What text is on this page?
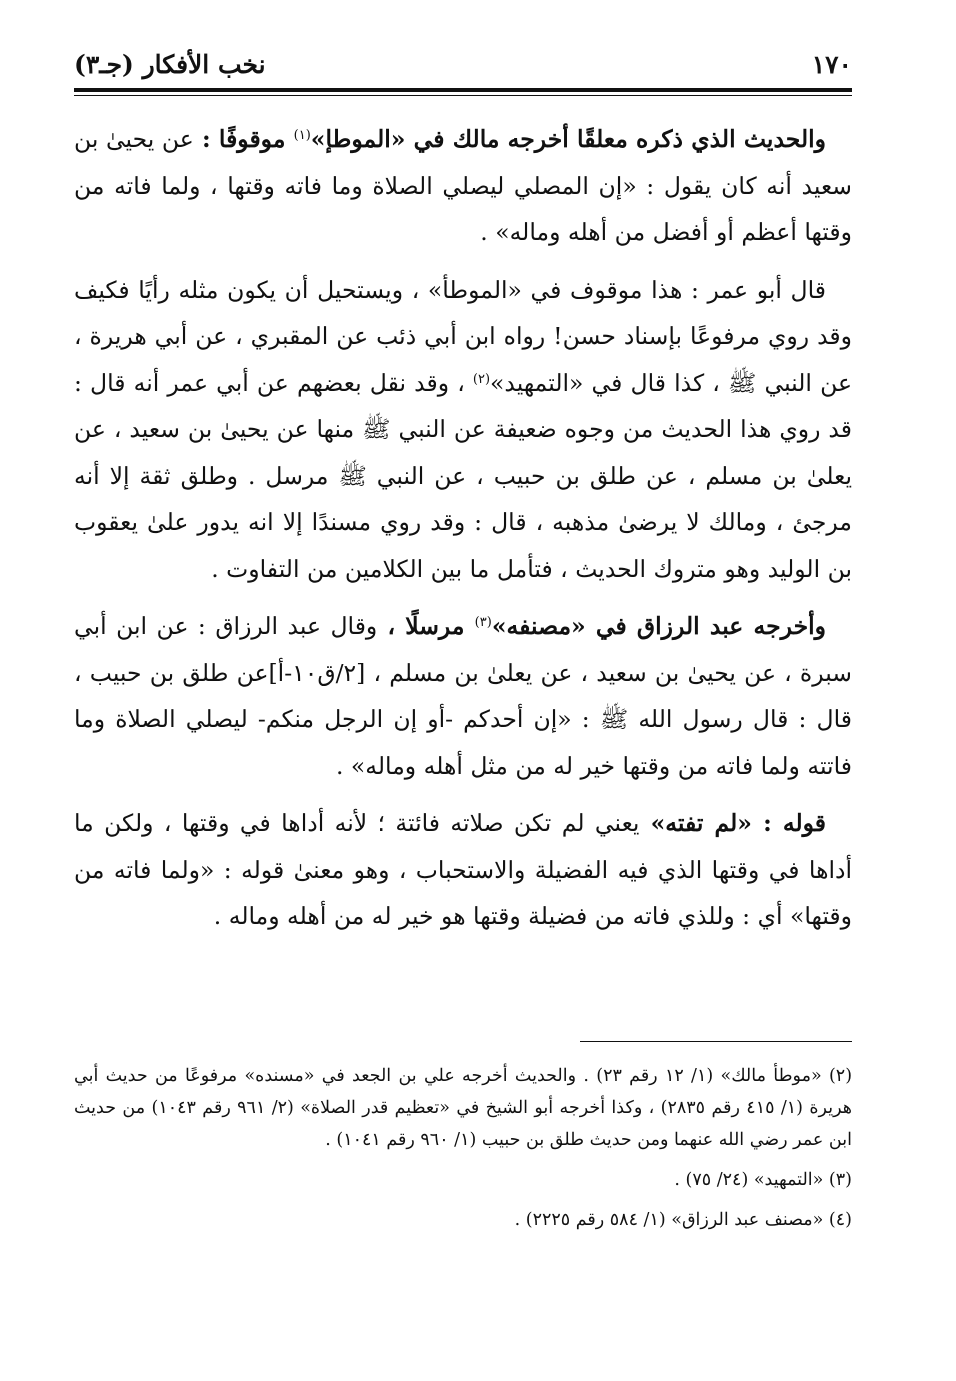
١٧٠
نخب الأفكار (جـ٣)

والحديث الذي ذكره معلقًا أخرجه مالك في «الموطإ»$^{(١)}$ موقوفًا : عن يحيىٰ بن سعيد أنه كان يقول : «إن المصلي ليصلي الصلاة وما فاته وقتها ، ولما فاته من وقتها أعظم أو أفضل من أهله وماله» .

قال أبو عمر : هذا موقوف في «الموطأ» ، ويستحيل أن يكون مثله رأيًا فكيف وقد روي مرفوعًا بإسناد حسن! رواه ابن أبي ذئب عن المقبري ، عن أبي هريرة ، عن النبي ﷺ ، كذا قال في «التمهيد»$^{(٢)}$ ، وقد نقل بعضهم عن أبي عمر أنه قال : قد روي هذا الحديث من وجوه ضعيفة عن النبي ﷺ منها عن يحيىٰ بن سعيد ، عن يعلىٰ بن مسلم ، عن طلق بن حبيب ، عن النبي ﷺ مرسل . وطلق ثقة إلا أنه مرجئ ، ومالك لا يرضىٰ مذهبه ، قال : وقد روي مسندًا إلا انه يدور علىٰ يعقوب بن الوليد وهو متروك الحديث ، فتأمل ما بين الكلامين من التفاوت .

وأخرجه عبد الرزاق في «مصنفه»$^{(٣)}$ مرسلًا ، وقال عبد الرزاق : عن ابن أبي سبرة ، عن يحيىٰ بن سعيد ، عن يعلىٰ بن مسلم ، [٢/ق١٠-أ]عن طلق بن حبيب ، قال : قال رسول الله ﷺ : «إن أحدكم -أو إن الرجل منكم- ليصلي الصلاة وما فاتته ولما فاته من وقتها خير له من مثل أهله وماله» .

قوله : «لم تفته» يعني لم تكن صلاته فائتة ؛ لأنه أداها في وقتها ، ولكن ما أداها في وقتها الذي فيه الفضيلة والاستحباب ، وهو معنىٰ قوله : «ولما فاته من وقتها» أي : وللذي فاته من فضيلة وقتها هو خير له من أهله وماله .

(٢) «موطأ مالك» (١/ ١٢ رقم ٢٣) . والحديث أخرجه علي بن الجعد في «مسنده» مرفوعًا من حديث أبي هريرة (١/ ٤١٥ رقم ٢٨٣٥) ، وكذا أخرجه أبو الشيخ في «تعظيم قدر الصلاة» (٢/ ٩٦١ رقم ١٠٤٣) من حديث ابن عمر رضي الله عنهما ومن حديث طلق بن حبيب (١/ ٩٦٠ رقم ١٠٤١) .

(٣) «التمهيد» (٢٤/ ٧٥) .

(٤) «مصنف عبد الرزاق» (١/ ٥٨٤ رقم ٢٢٢٥) .
